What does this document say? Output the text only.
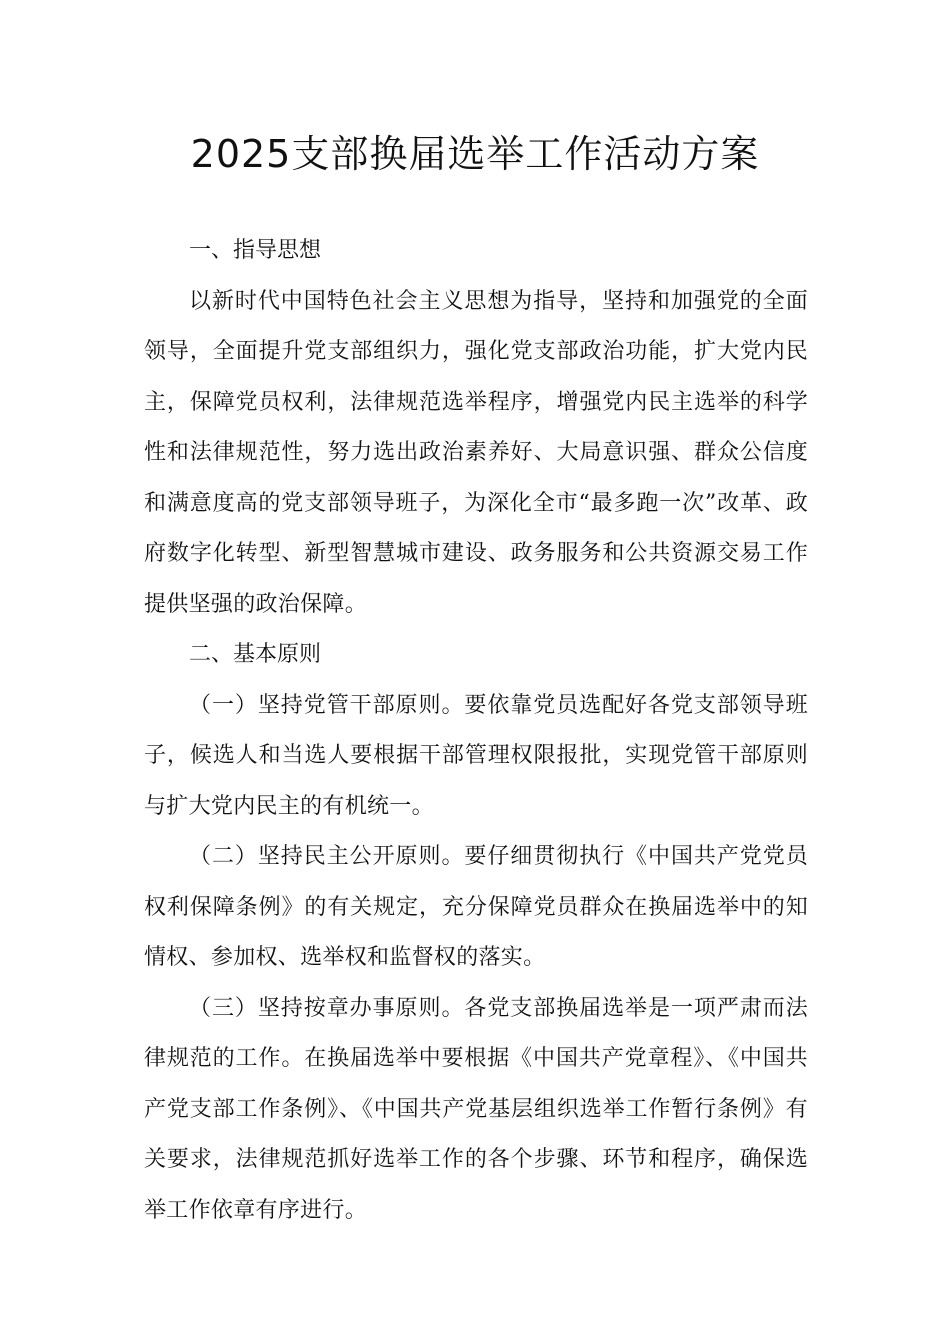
2025支部换届选举工作活动方案

一、指导思想

以新时代中国特色社会主义思想为指导，坚持和加强党的全面领导，全面提升党支部组织力，强化党支部政治功能，扩大党内民主，保障党员权利，法律规范选举程序，增强党内民主选举的科学性和法律规范性，努力选出政治素养好、大局意识强、群众公信度和满意度高的党支部领导班子，为深化全市“最多跑一次”改革、政府数字化转型、新型智慧城市建设、政务服务和公共资源交易工作提供坚强的政治保障。

二、基本原则

（一）坚持党管干部原则。要依靠党员选配好各党支部领导班子，候选人和当选人要根据干部管理权限报批，实现党管干部原则与扩大党内民主的有机统一。

（二）坚持民主公开原则。要仔细贯彻执行《中国共产党党员权利保障条例》的有关规定，充分保障党员群众在换届选举中的知情权、参加权、选举权和监督权的落实。

（三）坚持按章办事原则。各党支部换届选举是一项严肃而法律规范的工作。在换届选举中要根据《中国共产党章程》、《中国共产党支部工作条例》、《中国共产党基层组织选举工作暂行条例》有关要求，法律规范抓好选举工作的各个步骤、环节和程序，确保选举工作依章有序进行。
